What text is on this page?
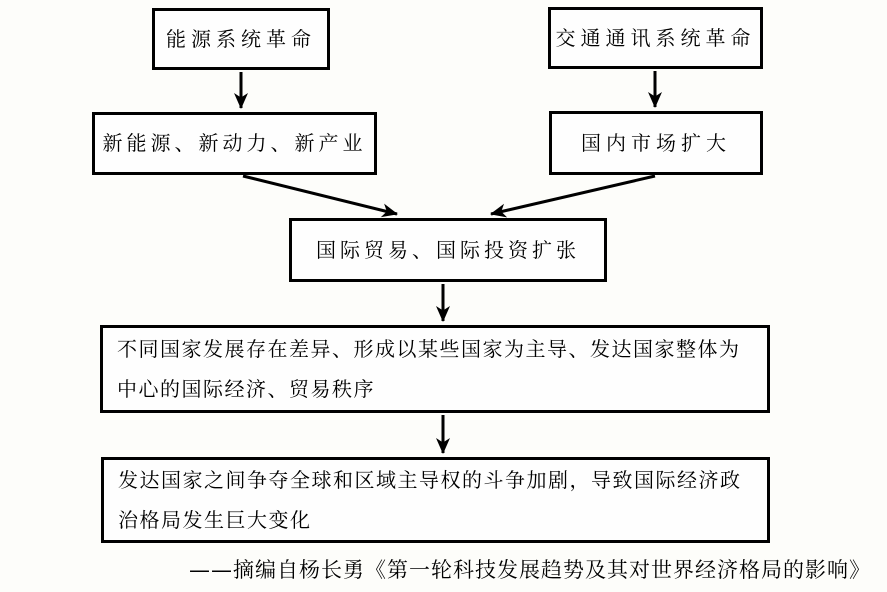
能源系统革命	交通通讯系统革命
新能源、新动力、新产业	国内市场扩大
国际贸易、国际投资扩张
不同国家发展存在差异、形成以某些国家为主导、发达国家整体为中心的国际经济、贸易秩序
发达国家之间争夺全球和区域主导权的斗争加剧，导致国际经济政治格局发生巨大变化
——摘编自杨长勇《第一轮科技发展趋势及其对世界经济格局的影响》
